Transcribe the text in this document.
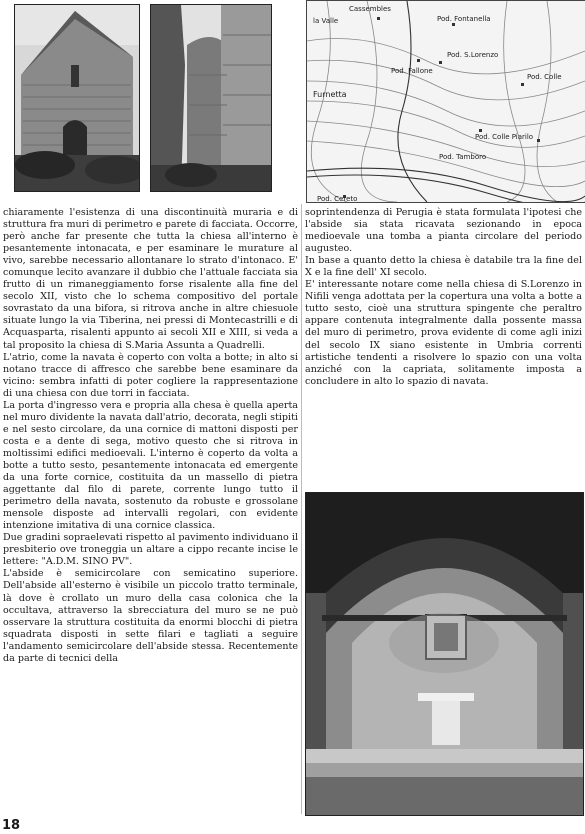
Cassembles
la Valle	Pod. Fontanella
Pod. Fallone
Pod. S.Lorenzo
Pod. Colle
Furnetta
Pod. Colle Piarilo
Pod. Tamboro
Pod. Cereto

chiaramente l'esistenza di una discontinuità muraria e di struttura fra muri di perimetro e parete di facciata. Occorre, però anche far presente che tutta la chiesa all'interno è pesantemente intonacata, e per esaminare le murature al vivo, sarebbe necessario allontanare lo strato d'intonaco. E' comunque lecito avanzare il dubbio che l'attuale facciata sia frutto di un rimaneggiamento forse risalente alla fine del secolo XII, visto che lo schema compositivo del portale sovrastato da una bifora, si ritrova anche in altre chiesuole situate lungo la via Tiberina, nei pressi di Montecastrilli e di Acquasparta, risalenti appunto ai secoli XII e XIII, si veda a tal proposito la chiesa di S.Maria Assunta a Quadrelli.

L'atrio, come la navata è coperto con volta a botte; in alto si notano tracce di affresco che sarebbe bene esaminare da vicino: sembra infatti di poter cogliere la rappresentazione di una chiesa con due torri in facciata.

La porta d'ingresso vera e propria alla chesa è quella aperta nel muro dividente la navata dall'atrio, decorata, negli stipiti e nel sesto circolare, da una cornice di mattoni disposti per costa e a dente di sega, motivo questo che si ritrova in moltissimi edifici medioevali. L'interno è coperto da volta a botte a tutto sesto, pesantemente intonacata ed emergente da una forte cornice, costituita da un massello di pietra aggettante dal filo di parete, corrente lungo tutto il perimetro della navata, sostenuto da robuste e grossolane mensole disposte ad intervalli regolari, con evidente intenzione imitativa di una cornice classica.

Due gradini sopraelevati rispetto al pavimento individuano il presbiterio ove troneggia un altare a cippo recante incise le lettere: "A.D.M. SINO PV".

L'abside è semicircolare con semicatino superiore. Dell'abside all'esterno è visibile un piccolo tratto terminale, là dove è crollato un muro della casa colonica che la occultava, attraverso la sbrecciatura del muro se ne può osservare la struttura costituita da enormi blocchi di pietra squadrata disposti in sette filari e tagliati a seguire l'andamento semicircolare dell'abside stessa. Recentemente da parte di tecnici della

soprintendenza di Perugia è stata formulata l'ipotesi che l'abside sia stata ricavata sezionando in epoca medioevale una tomba a pianta circolare del periodo augusteo.

In base a quanto detto la chiesa è databile tra la fine del X e la fine dell' XI secolo.

E' interessante notare come nella chiesa di S.Lorenzo in Nifili venga adottata per la copertura una volta a botte a tutto sesto, cioè una struttura spingente che peraltro appare contenuta integralmente dalla possente massa del muro di perimetro, prova evidente di come agli inizi del secolo IX siano esistente in Umbria correnti artistiche tendenti a risolvere lo spazio con una volta anziché con la capriata, solitamente imposta a concludere in alto lo spazio di navata.

18
